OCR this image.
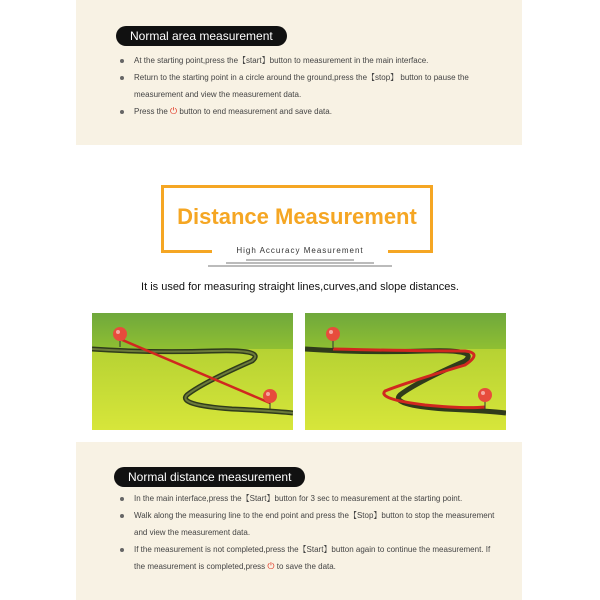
Normal area measurement
At the starting point,press the【start】button to measurement in the main interface.
Return to the starting point in a circle around the ground,press the【stop】 button to pause the measurement and view the measurement data.
Press the ⏻ button to end measurement and save data.
Distance Measurement
High Accuracy Measurement
It is used for measuring straight lines,curves,and slope distances.
Normal distance measurement
In the main interface,press the【Start】button for 3 sec to measurement at the starting point.
Walk along the measuring line to the end point and press the【Stop】button to stop the measurement and view the measurement data.
If the measurement is not completed,press the【Start】button again to continue the measurement. If
the measurement is completed,press ⏻ to save the data.
